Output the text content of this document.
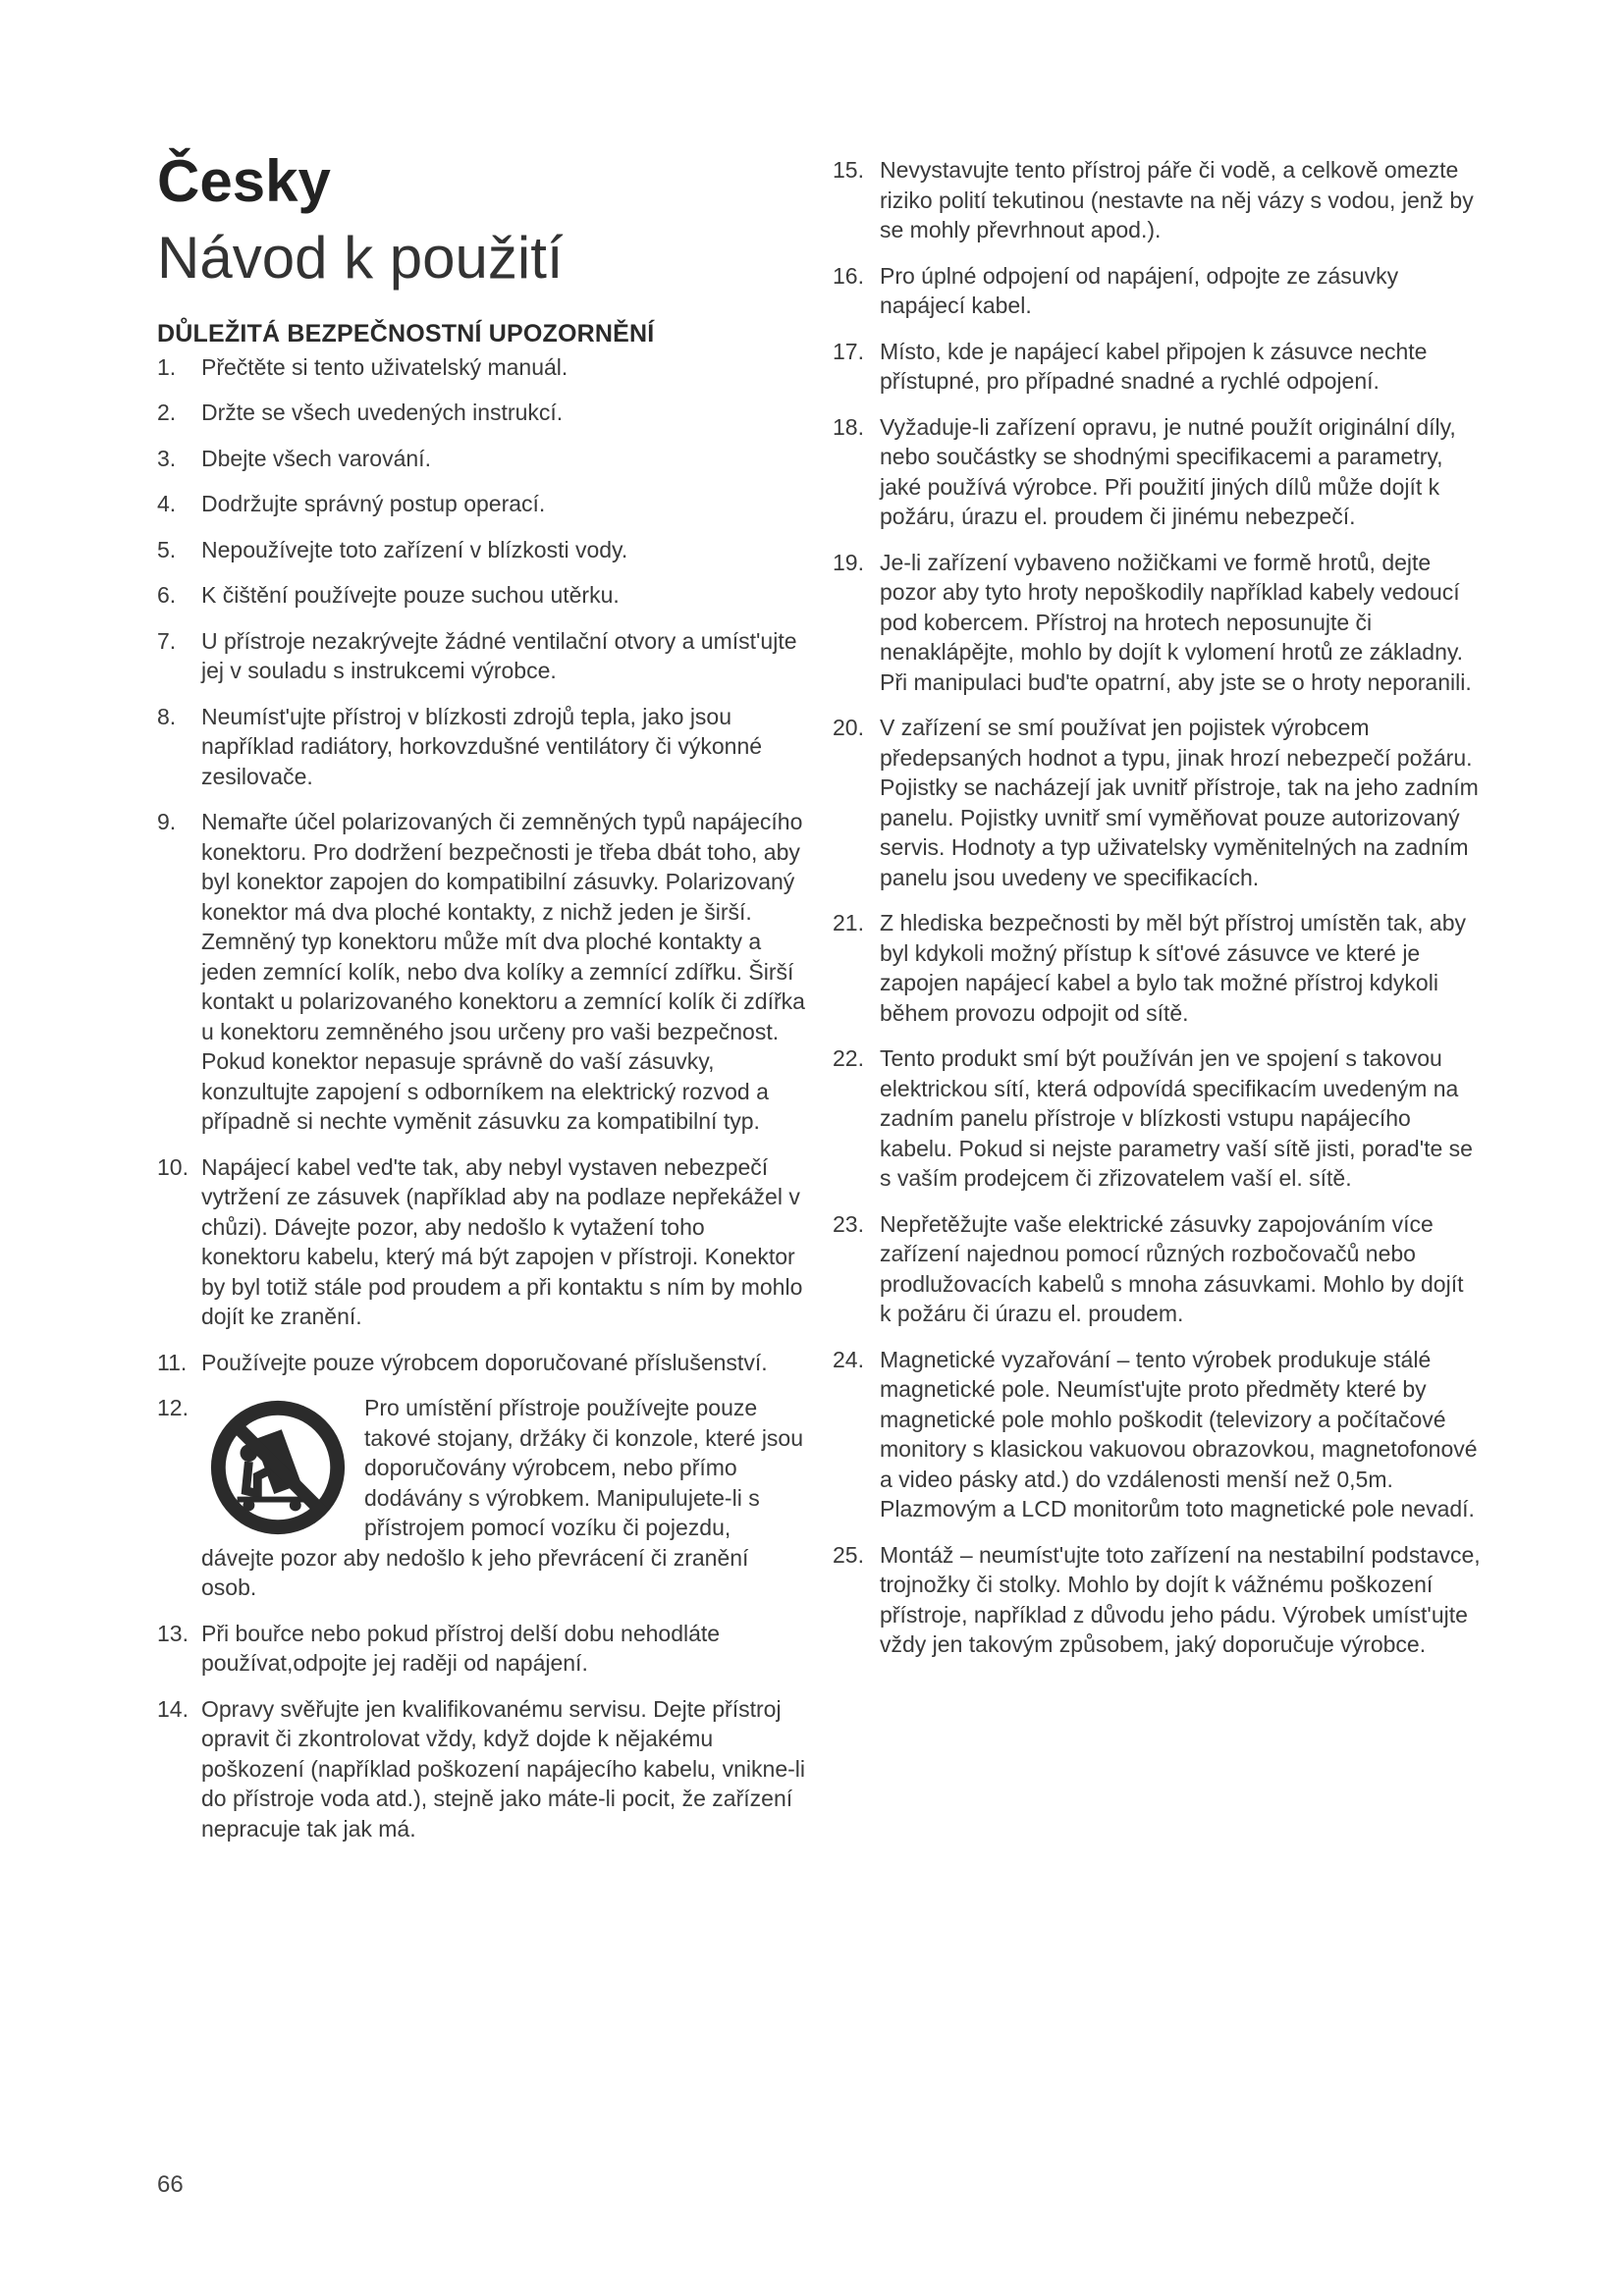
Česky
Návod k použití
DŮLEŽITÁ BEZPEČNOSTNÍ UPOZORNĚNÍ
1.	Přečtěte si tento uživatelský manuál.
2.	Držte se všech uvedených instrukcí.
3.	Dbejte všech varování.
4.	Dodržujte správný postup operací.
5.	Nepoužívejte toto zařízení v blízkosti vody.
6.	K čištění používejte pouze suchou utěrku.
7.	U přístroje nezakrývejte žádné ventilační otvory a umíst'ujte jej v souladu s instrukcemi výrobce.
8.	Neumíst'ujte přístroj v blízkosti zdrojů tepla, jako jsou například radiátory, horkovzdušné ventilátory či výkonné zesilovače.
9.	Nemařte účel polarizovaných či zemněných typů napájecího konektoru. Pro dodržení bezpečnosti je třeba dbát toho, aby byl konektor zapojen do kompatibilní zásuvky. Polarizovaný konektor má dva ploché kontakty, z nichž jeden je širší. Zemněný typ konektoru může mít dva ploché kontakty a jeden zemnící kolík, nebo dva kolíky a zemnící zdířku. Širší kontakt u polarizovaného konektoru a zemnící kolík či zdířka u konektoru zemněného jsou určeny pro vaši bezpečnost. Pokud konektor nepasuje správně do vaší zásuvky, konzultujte zapojení s odborníkem na elektrický rozvod a případně si nechte vyměnit zásuvku za kompatibilní typ.
10. Napájecí kabel ved'te tak, aby nebyl vystaven nebezpečí vytržení ze zásuvek (například aby na podlaze nepřekážel v chůzi). Dávejte pozor, aby nedošlo k vytažení toho konektoru kabelu, který má být zapojen v přístroji. Konektor by byl totiž stále pod proudem a při kontaktu s ním by mohlo dojít ke zranění.
11. Používejte pouze výrobcem doporučované příslušenství.
12.	Pro umístění přístroje používejte pouze takové stojany, držáky či konzole, které jsou doporučovány výrobcem, nebo přímo dodávány s výrobkem. Manipulujete-li s přístrojem pomocí vozíku či pojezdu, dávejte pozor aby nedošlo k jeho převrácení či zranění osob.
13. Při bouřce nebo pokud přístroj delší dobu nehodláte používat,odpojte jej raději od napájení.
14. Opravy svěřujte jen kvalifikovanému servisu. Dejte přístroj opravit či zkontrolovat vždy, když dojde k nějakému poškození (například poškození napájecího kabelu, vnikne-li do přístroje voda atd.), stejně jako máte-li pocit, že zařízení nepracuje tak jak má.
15. Nevystavujte tento přístroj páře či vodě, a celkově omezte riziko polití tekutinou (nestavte na něj vázy s vodou, jenž by se mohly převrhnout apod.).
16. Pro úplné odpojení od napájení, odpojte ze zásuvky napájecí kabel.
17. Místo, kde je napájecí kabel připojen k zásuvce nechte přístupné, pro případné snadné a rychlé odpojení.
18. Vyžaduje-li zařízení opravu, je nutné použít originální díly, nebo součástky se shodnými specifikacemi a parametry, jaké používá výrobce. Při použití jiných dílů může dojít k požáru, úrazu el. proudem či jinému nebezpečí.
19. Je-li zařízení vybaveno nožičkami ve formě hrotů, dejte pozor aby tyto hroty nepoškodily například kabely vedoucí pod kobercem. Přístroj na hrotech neposunujte či nenaklápějte, mohlo by dojít k vylomení hrotů ze základny. Při manipulaci bud'te opatrní, aby jste se o hroty neporanili.
20. V zařízení se smí používat jen pojistek výrobcem předepsaných hodnot a typu, jinak hrozí nebezpečí požáru. Pojistky se nacházejí jak uvnitř přístroje, tak na jeho zadním panelu. Pojistky uvnitř smí vyměňovat pouze autorizovaný servis. Hodnoty a typ uživatelsky vyměnitelných na zadním panelu jsou uvedeny ve specifikacích.
21. Z hlediska bezpečnosti by měl být přístroj umístěn tak, aby byl kdykoli možný přístup k sít'ové zásuvce ve které je zapojen napájecí kabel a bylo tak možné přístroj kdykoli během provozu odpojit od sítě.
22. Tento produkt smí být používán jen ve spojení s takovou elektrickou sítí, která odpovídá specifikacím uvedeným na zadním panelu přístroje v blízkosti vstupu napájecího kabelu. Pokud si nejste parametry vaší sítě jisti, porad'te se s vaším prodejcem či zřizovatelem vaší el. sítě.
23. Nepřetěžujte vaše elektrické zásuvky zapojováním více zařízení najednou pomocí různých rozbočovačů nebo prodlužovacích kabelů s mnoha zásuvkami. Mohlo by dojít k požáru či úrazu el. proudem.
24. Magnetické vyzařování – tento výrobek produkuje stálé magnetické pole. Neumíst'ujte proto předměty které by magnetické pole mohlo poškodit (televizory a počítačové monitory s klasickou vakuovou obrazovkou, magnetofonové a video pásky atd.) do vzdálenosti menší než 0,5m. Plazmovým a LCD monitorům toto magnetické pole nevadí.
25. Montáž – neumíst'ujte toto zařízení na nestabilní podstavce, trojnožky či stolky. Mohlo by dojít k vážnému poškození přístroje, například z důvodu jeho pádu. Výrobek umíst'ujte vždy jen takovým způsobem, jaký doporučuje výrobce.
66
